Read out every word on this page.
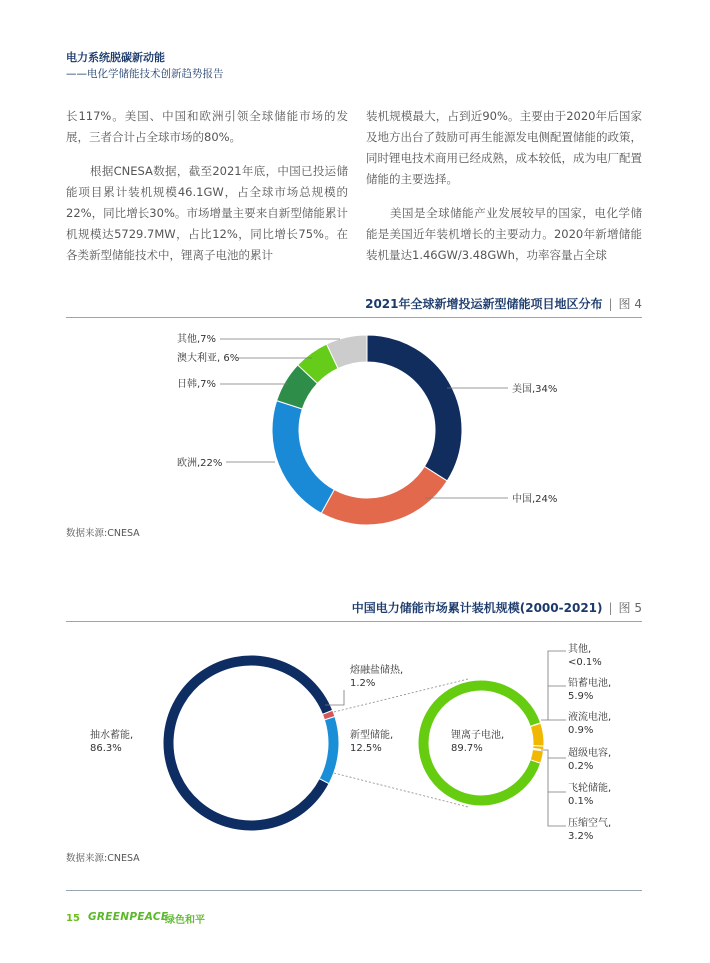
电力系统脱碳新动能
——电化学储能技术创新趋势报告

长117%。美国、中国和欧洲引领全球储能市场的发展，三者合计占全球市场的80%。

根据CNESA数据，截至2021年底，中国已投运储能项目累计装机规模46.1GW，占全球市场总规模的22%，同比增长30%。市场增量主要来自新型储能累计机规模达5729.7MW，占比12%，同比增长75%。在各类新型储能技术中，锂离子电池的累计

装机规模最大，占到近90%。主要由于2020年后国家及地方出台了鼓励可再生能源发电侧配置储能的政策，同时锂电技术商用已经成熟，成本较低，成为电厂配置储能的主要选择。

美国是全球储能产业发展较早的国家，电化学储能是美国近年装机增长的主要动力。2020年新增储能装机量达1.46GW/3.48GWh，功率容量占全球

2021年全球新增投运新型储能项目地区分布 | 图 4
美国,34%
中国,24%
欧洲,22%
日韩,7%
澳大利亚, 6%
其他,7%
数据来源:CNESA
中国电力储能市场累计装机规模(2000-2021) | 图 5
抽水蓄能, 86.3%
熔融盐储热, 1.2%
新型储能, 12.5%
锂离子电池, 89.7%
其他, <0.1%
铅蓄电池, 5.9%
液流电池, 0.9%
超级电容, 0.2%
飞轮储能, 0.1%
压缩空气, 3.2%
数据来源:CNESA
15 GREENPEACE
绿色和平
